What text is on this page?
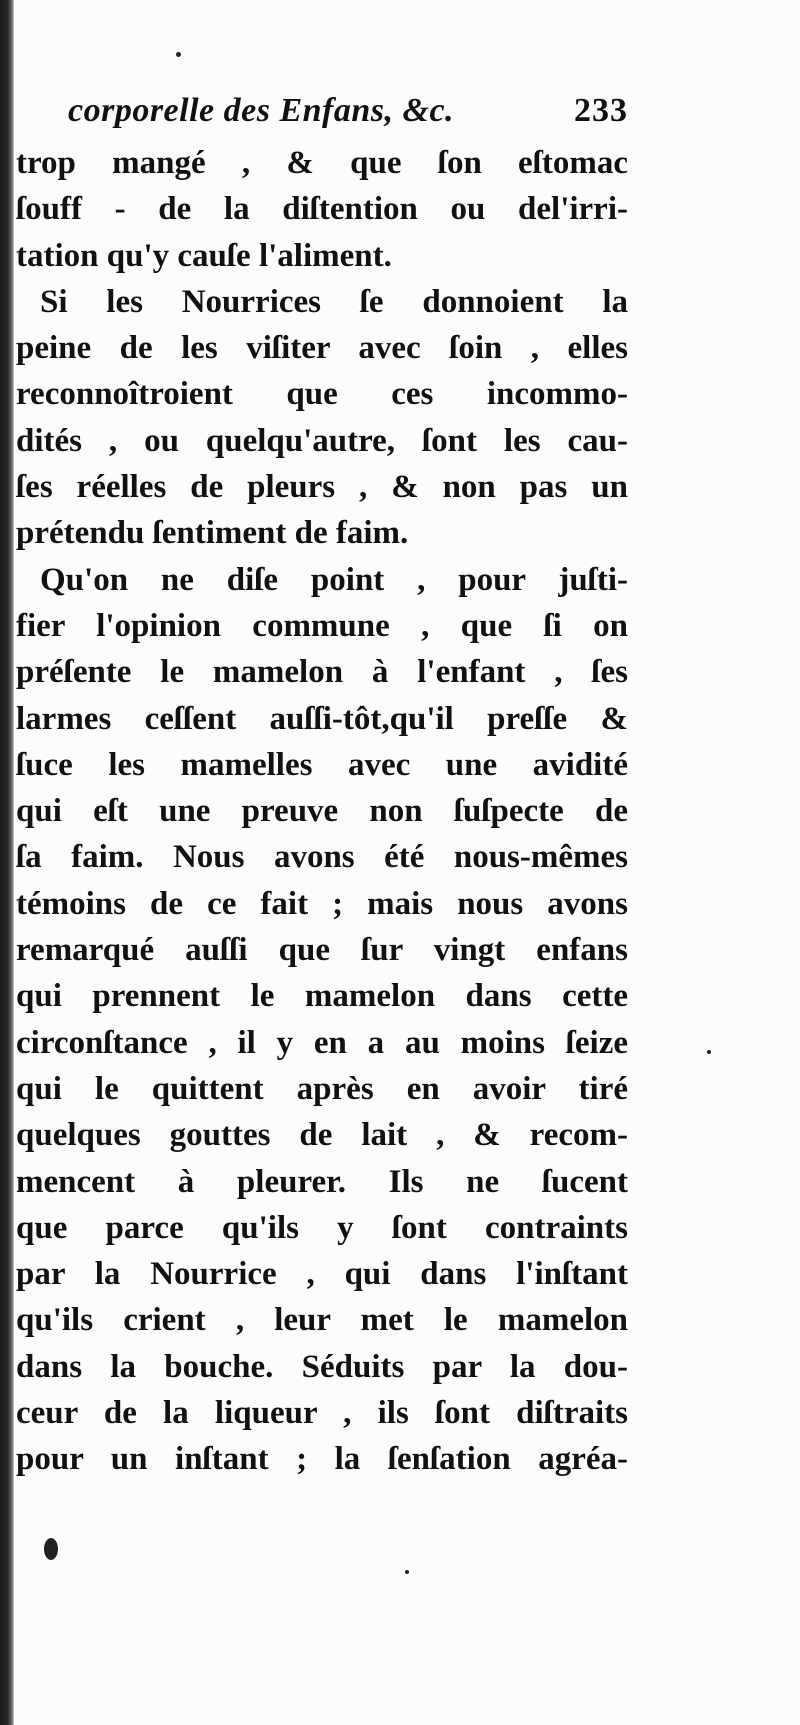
corporelle des Enfans, &c.	233
trop mangé , & que ſon eſtomac
ſouff - de la diſtention ou del'irri-
tation qu'y cauſe l'aliment.
Si les Nourrices ſe donnoient la
peine de les viſiter avec ſoin , elles
reconnoîtroient que ces incommo-
dités , ou quelqu'autre, ſont les cau-
ſes réelles de pleurs , & non pas un
prétendu ſentiment de faim.
Qu'on ne diſe point , pour juſti-
fier l'opinion commune , que ſi on
préſente le mamelon à l'enfant , ſes
larmes ceſſent auſſi-tôt,qu'il preſſe &
ſuce les mamelles avec une avidité
qui eſt une preuve non ſuſpecte de
ſa faim. Nous avons été nous-mêmes
témoins de ce fait ; mais nous avons
remarqué auſſi que ſur vingt enfans
qui prennent le mamelon dans cette
circonſtance , il y en a au moins ſeize
qui le quittent après en avoir tiré
quelques gouttes de lait , & recom-
mencent à pleurer. Ils ne ſucent
que parce qu'ils y ſont contraints
par la Nourrice , qui dans l'inſtant
qu'ils crient , leur met le mamelon
dans la bouche. Séduits par la dou-
ceur de la liqueur , ils ſont diſtraits
pour un inſtant ; la ſenſation agréa-
